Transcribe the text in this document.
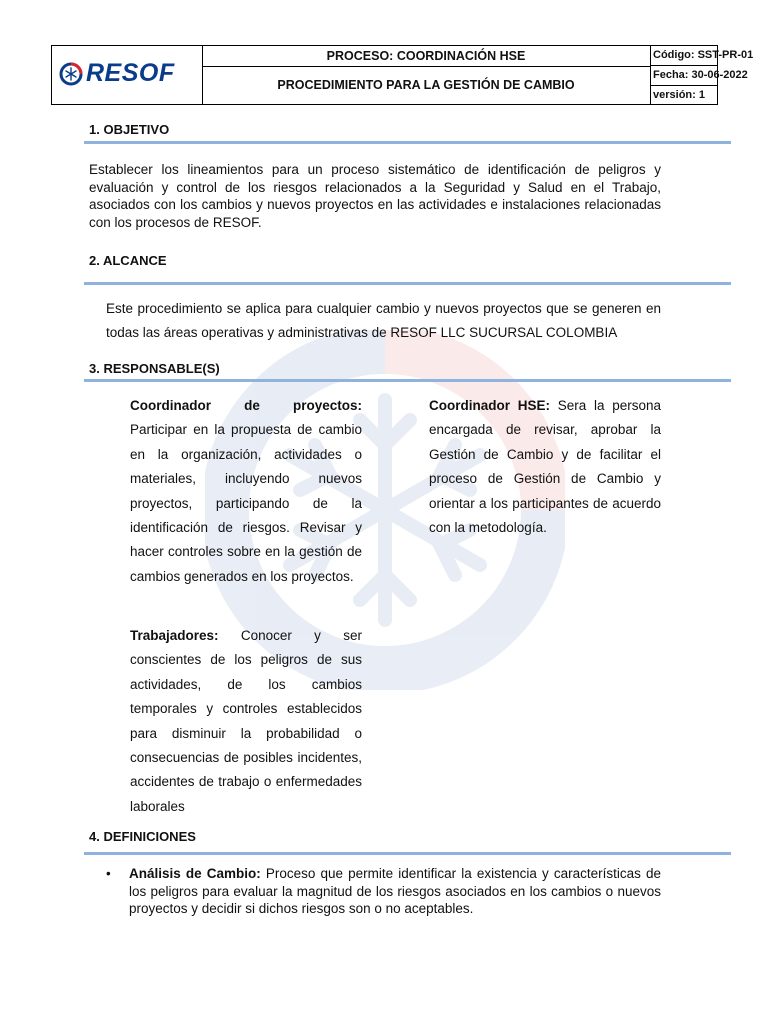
RESOF
PROCESO: COORDINACIÓN HSE
PROCEDIMIENTO PARA LA GESTIÓN DE CAMBIO
Código: SST-PR-01
Fecha: 30-06-2022
versión: 1
1. OBJETIVO
Establecer los lineamientos para un proceso sistemático de identificación de peligros y evaluación y control de los riesgos relacionados a la Seguridad y Salud en el Trabajo, asociados con los cambios y nuevos proyectos en las actividades e instalaciones relacionadas con los procesos de RESOF.
2. ALCANCE
Este procedimiento se aplica para cualquier cambio y nuevos proyectos que se generen en todas las áreas operativas y administrativas de RESOF LLC SUCURSAL COLOMBIA
3. RESPONSABLE(S)
Coordinador de proyectos: Participar en la propuesta de cambio en la organización, actividades o materiales, incluyendo nuevos proyectos, participando de la identificación de riesgos. Revisar y hacer controles sobre en la gestión de cambios generados en los proyectos.
Trabajadores: Conocer y ser conscientes de los peligros de sus actividades, de los cambios temporales y controles establecidos para disminuir la probabilidad o consecuencias de posibles incidentes, accidentes de trabajo o enfermedades laborales
Coordinador HSE: Sera la persona encargada de revisar, aprobar la Gestión de Cambio y de facilitar el proceso de Gestión de Cambio y orientar a los participantes de acuerdo con la metodología.
4. DEFINICIONES
• Análisis de Cambio: Proceso que permite identificar la existencia y características de los peligros para evaluar la magnitud de los riesgos asociados en los cambios o nuevos proyectos y decidir si dichos riesgos son o no aceptables.
